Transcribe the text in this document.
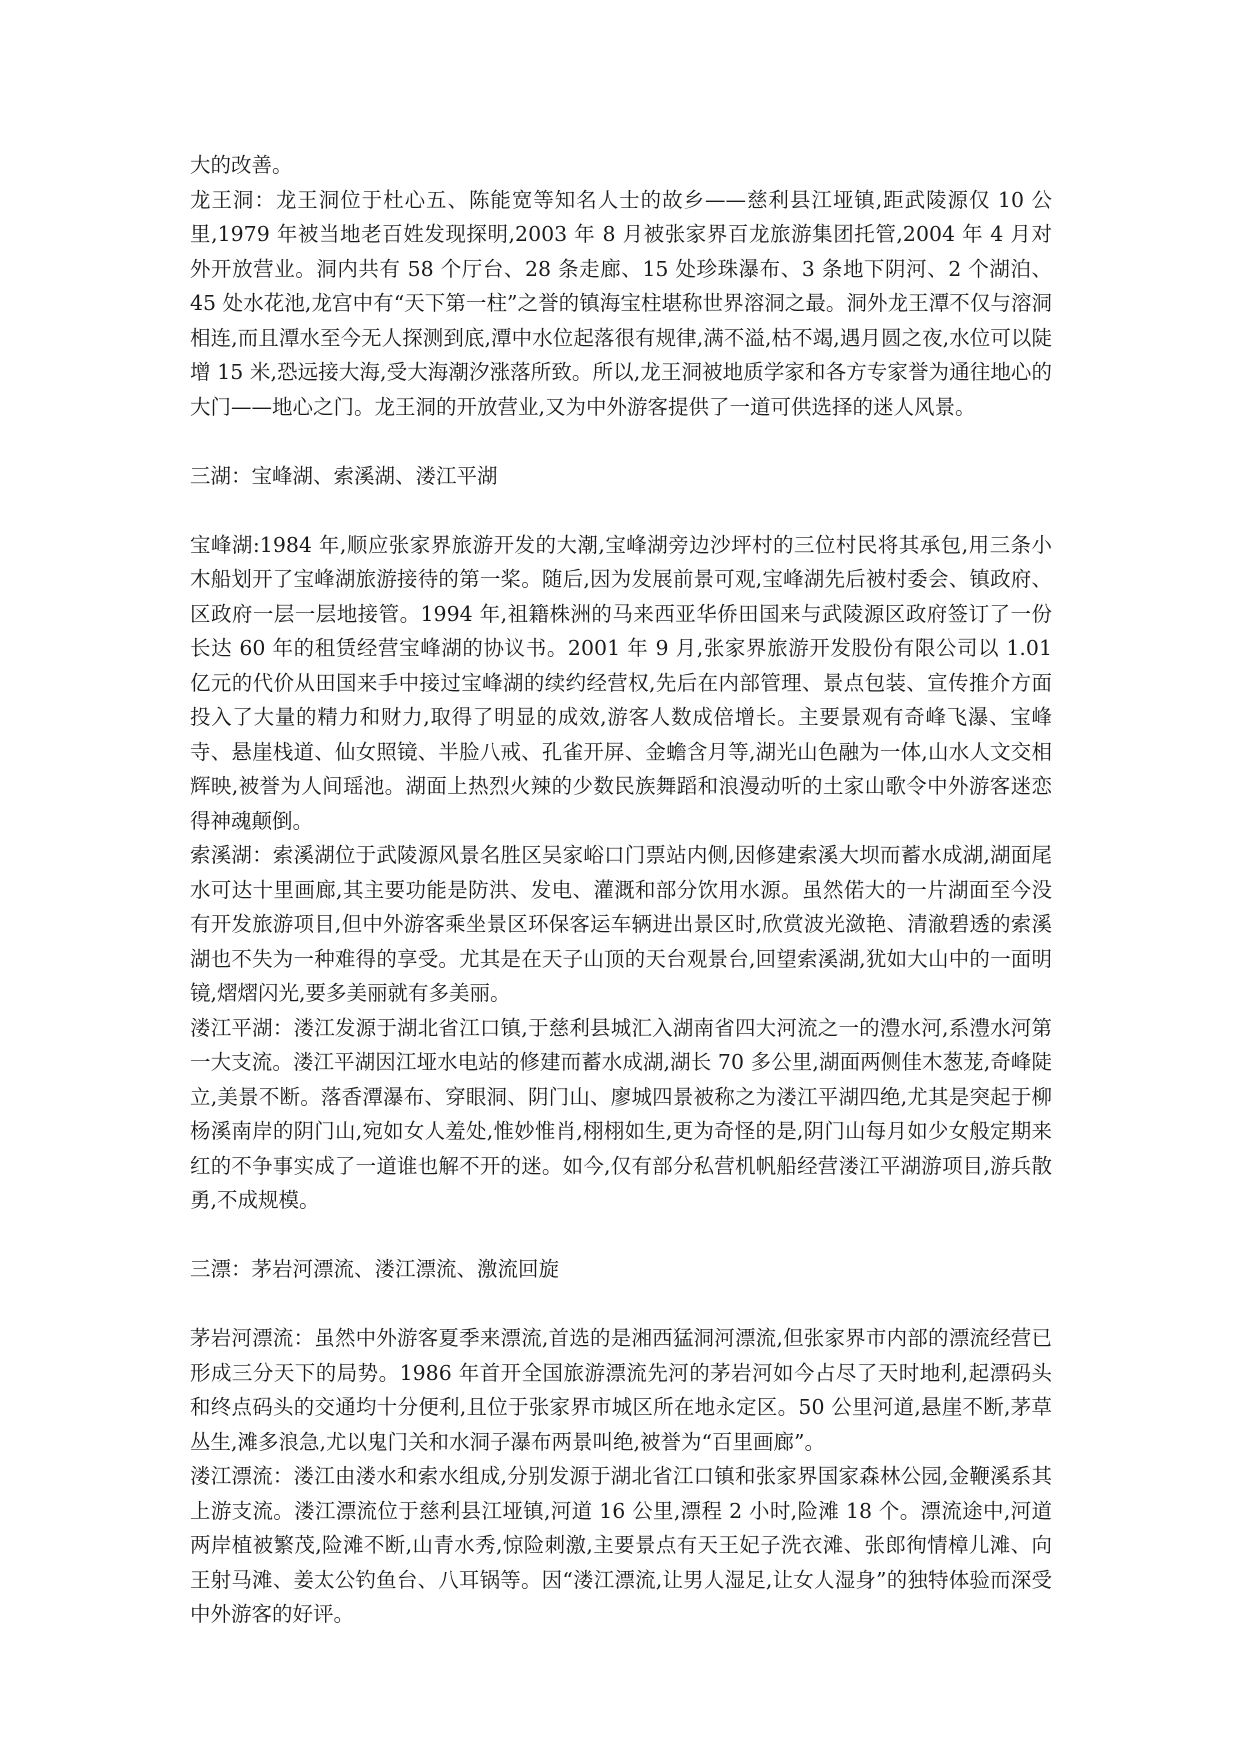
大的改善。

龙王洞：龙王洞位于杜心五、陈能宽等知名人士的故乡——慈利县江垭镇,距武陵源仅 10 公里,1979 年被当地老百姓发现探明,2003 年 8 月被张家界百龙旅游集团托管,2004 年 4 月对外开放营业。洞内共有 58 个厅台、28 条走廊、15 处珍珠瀑布、3 条地下阴河、2 个湖泊、45 处水花池,龙宫中有“天下第一柱”之誉的镇海宝柱堪称世界溶洞之最。洞外龙王潭不仅与溶洞相连,而且潭水至今无人探测到底,潭中水位起落很有规律,满不溢,枯不竭,遇月圆之夜,水位可以陡增 15 米,恐远接大海,受大海潮汐涨落所致。所以,龙王洞被地质学家和各方专家誉为通往地心的大门——地心之门。龙王洞的开放营业,又为中外游客提供了一道可供选择的迷人风景。

三湖：宝峰湖、索溪湖、溇江平湖

宝峰湖:1984 年,顺应张家界旅游开发的大潮,宝峰湖旁边沙坪村的三位村民将其承包,用三条小木船划开了宝峰湖旅游接待的第一桨。随后,因为发展前景可观,宝峰湖先后被村委会、镇政府、区政府一层一层地接管。1994 年,祖籍株洲的马来西亚华侨田国来与武陵源区政府签订了一份长达 60 年的租赁经营宝峰湖的协议书。2001 年 9 月,张家界旅游开发股份有限公司以 1.01 亿元的代价从田国来手中接过宝峰湖的续约经营权,先后在内部管理、景点包装、宣传推介方面投入了大量的精力和财力,取得了明显的成效,游客人数成倍增长。主要景观有奇峰飞瀑、宝峰寺、悬崖栈道、仙女照镜、半脸八戒、孔雀开屏、金蟾含月等,湖光山色融为一体,山水人文交相辉映,被誉为人间瑶池。湖面上热烈火辣的少数民族舞蹈和浪漫动听的土家山歌令中外游客迷恋得神魂颠倒。

索溪湖：索溪湖位于武陵源风景名胜区吴家峪口门票站内侧,因修建索溪大坝而蓄水成湖,湖面尾水可达十里画廊,其主要功能是防洪、发电、灌溉和部分饮用水源。虽然偌大的一片湖面至今没有开发旅游项目,但中外游客乘坐景区环保客运车辆进出景区时,欣赏波光潋艳、清澈碧透的索溪湖也不失为一种难得的享受。尤其是在天子山顶的天台观景台,回望索溪湖,犹如大山中的一面明镜,熠熠闪光,要多美丽就有多美丽。

溇江平湖：溇江发源于湖北省江口镇,于慈利县城汇入湖南省四大河流之一的澧水河,系澧水河第一大支流。溇江平湖因江垭水电站的修建而蓄水成湖,湖长 70 多公里,湖面两侧佳木葱茏,奇峰陡立,美景不断。落香潭瀑布、穿眼洞、阴门山、廖城四景被称之为溇江平湖四绝,尤其是突起于柳杨溪南岸的阴门山,宛如女人羞处,惟妙惟肖,栩栩如生,更为奇怪的是,阴门山每月如少女般定期来红的不争事实成了一道谁也解不开的迷。如今,仅有部分私营机帆船经营溇江平湖游项目,游兵散勇,不成规模。

三漂：茅岩河漂流、溇江漂流、激流回旋

茅岩河漂流：虽然中外游客夏季来漂流,首选的是湘西猛洞河漂流,但张家界市内部的漂流经营已形成三分天下的局势。1986 年首开全国旅游漂流先河的茅岩河如今占尽了天时地利,起漂码头和终点码头的交通均十分便利,且位于张家界市城区所在地永定区。50 公里河道,悬崖不断,茅草丛生,滩多浪急,尤以鬼门关和水洞子瀑布两景叫绝,被誉为“百里画廊”。

溇江漂流：溇江由溇水和索水组成,分别发源于湖北省江口镇和张家界国家森林公园,金鞭溪系其上游支流。溇江漂流位于慈利县江垭镇,河道 16 公里,漂程 2 小时,险滩 18 个。漂流途中,河道两岸植被繁茂,险滩不断,山青水秀,惊险刺激,主要景点有天王妃子洗衣滩、张郎徇情樟儿滩、向王射马滩、姜太公钓鱼台、八耳锅等。因“溇江漂流,让男人湿足,让女人湿身”的独特体验而深受中外游客的好评。
